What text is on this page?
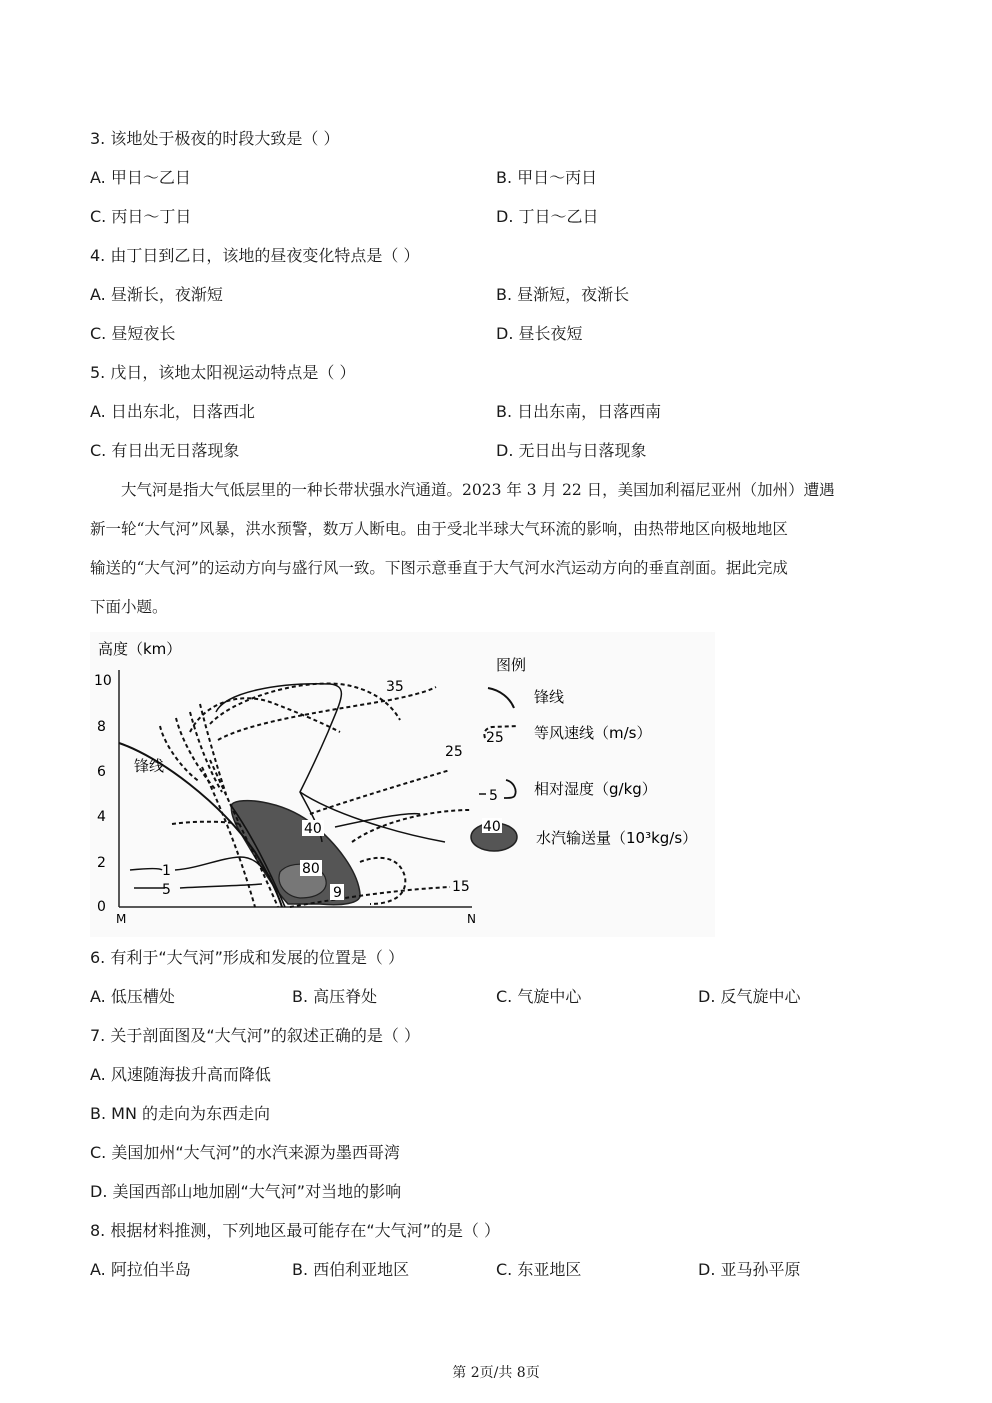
3. 该地处于极夜的时段大致是（ ）
A. 甲日～乙日	B. 甲日～丙日
C. 丙日～丁日	D. 丁日～乙日
4. 由丁日到乙日，该地的昼夜变化特点是（ ）
A. 昼渐长，夜渐短	B. 昼渐短，夜渐长
C. 昼短夜长	D. 昼长夜短
5. 戊日，该地太阳视运动特点是（ ）
A. 日出东北，日落西北	B. 日出东南，日落西南
C. 有日出无日落现象	D. 无日出与日落现象
　　大气河是指大气低层里的一种长带状强水汽通道。2023 年 3 月 22 日，美国加利福尼亚州（加州）遭遇
新一轮“大气河”风暴，洪水预警，数万人断电。由于受北半球大气环流的影响，由热带地区向极地地区
输送的“大气河”的运动方向与盛行风一致。下图示意垂直于大气河水汽运动方向的垂直剖面。据此完成
下面小题。
高度（km）
10
8
6
4
2
0
M	N
35
25
40
80
9
1
5	15
锋线
图例
锋线
25 等风速线（m/s）
5 相对湿度（g/kg）
40
水汽输送量（10³kg/s）
6. 有利于“大气河”形成和发展的位置是（ ）
A. 低压槽处	B. 高压脊处	C. 气旋中心	D. 反气旋中心
7. 关于剖面图及“大气河”的叙述正确的是（ ）
A. 风速随海拔升高而降低
B. MN 的走向为东西走向
C. 美国加州“大气河”的水汽来源为墨西哥湾
D. 美国西部山地加剧“大气河”对当地的影响
8. 根据材料推测，下列地区最可能存在“大气河”的是（ ）
A. 阿拉伯半岛	B. 西伯利亚地区	C. 东亚地区	D. 亚马孙平原
第 2页/共 8页
